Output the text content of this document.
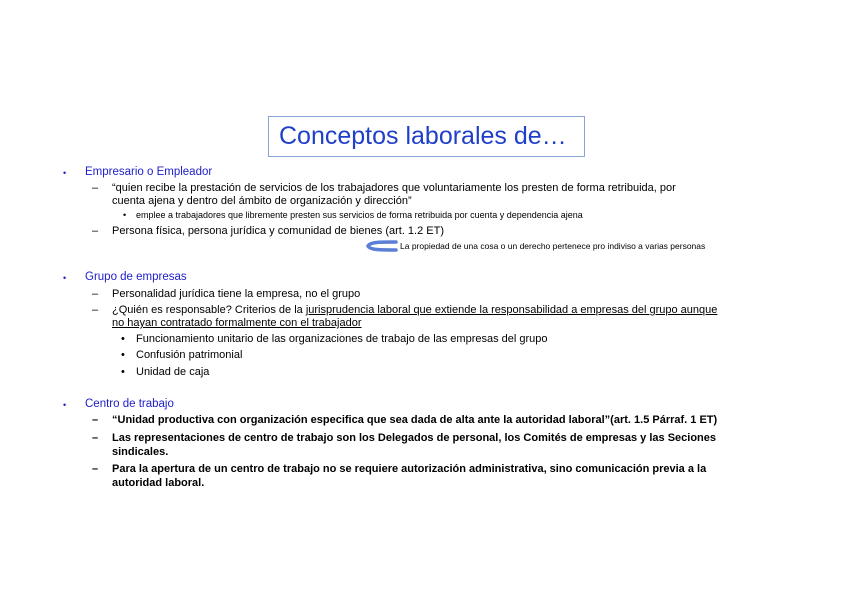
Conceptos laborales de…
• Empresario o Empleador
– “quien recibe la prestación de servicios de los trabajadores que voluntariamente los presten de forma retribuida, por
cuenta ajena y dentro del ámbito de organización y dirección”
• emplee a trabajadores que libremente presten sus servicios de forma retribuida por cuenta y dependencia ajena
– Persona física, persona jurídica y comunidad de bienes (art. 1.2 ET)
La propiedad de una cosa o un derecho pertenece pro indiviso a varias personas
• Grupo de empresas
– Personalidad jurídica tiene la empresa, no el grupo
– ¿Quién es responsable? Criterios de la jurisprudencia laboral que extiende la responsabilidad a empresas del grupo aunque
no hayan contratado formalmente con el trabajador
• Funcionamiento unitario de las organizaciones de trabajo de las empresas del grupo
• Confusión patrimonial
• Unidad de caja
• Centro de trabajo
– “Unidad productiva con organización especifica que sea dada de alta ante la autoridad laboral”(art. 1.5 Párraf. 1 ET)
– Las representaciones de centro de trabajo son los Delegados de personal, los Comités de empresas y las Seciones
sindicales.
– Para la apertura de un centro de trabajo no se requiere autorización administrativa, sino comunicación previa a la
autoridad laboral.
